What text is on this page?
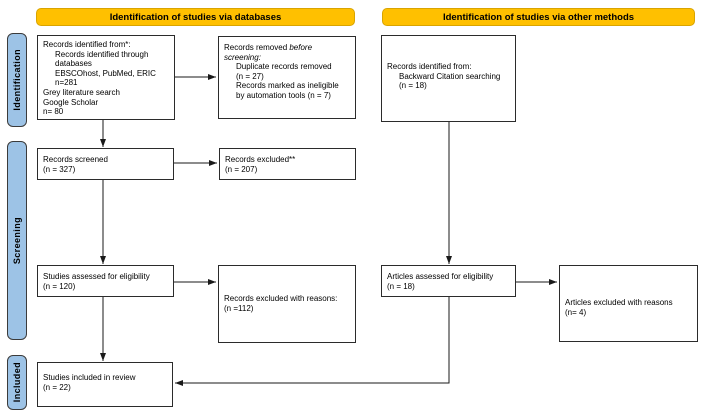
Identification of studies via databases	Identification of studies via other methods
Identification
Screening
Included
Records identified from*:
Records identified through
databases
EBSCOhost, PubMed, ERIC
n=281
Grey literature search
Google Scholar
n= 80
Records removed before
screening:
Duplicate records removed
(n = 27)
Records marked as ineligible
by automation tools (n = 7)
Records identified from:
Backward Citation searching
(n = 18)
Records screened
(n = 327)
Records excluded**
(n = 207)
Studies assessed for eligibility
(n = 120)
Records excluded with reasons:
(n =112)
Articles assessed for eligibility
(n = 18)
Articles excluded with reasons
(n= 4)
Studies included in review
(n = 22)
